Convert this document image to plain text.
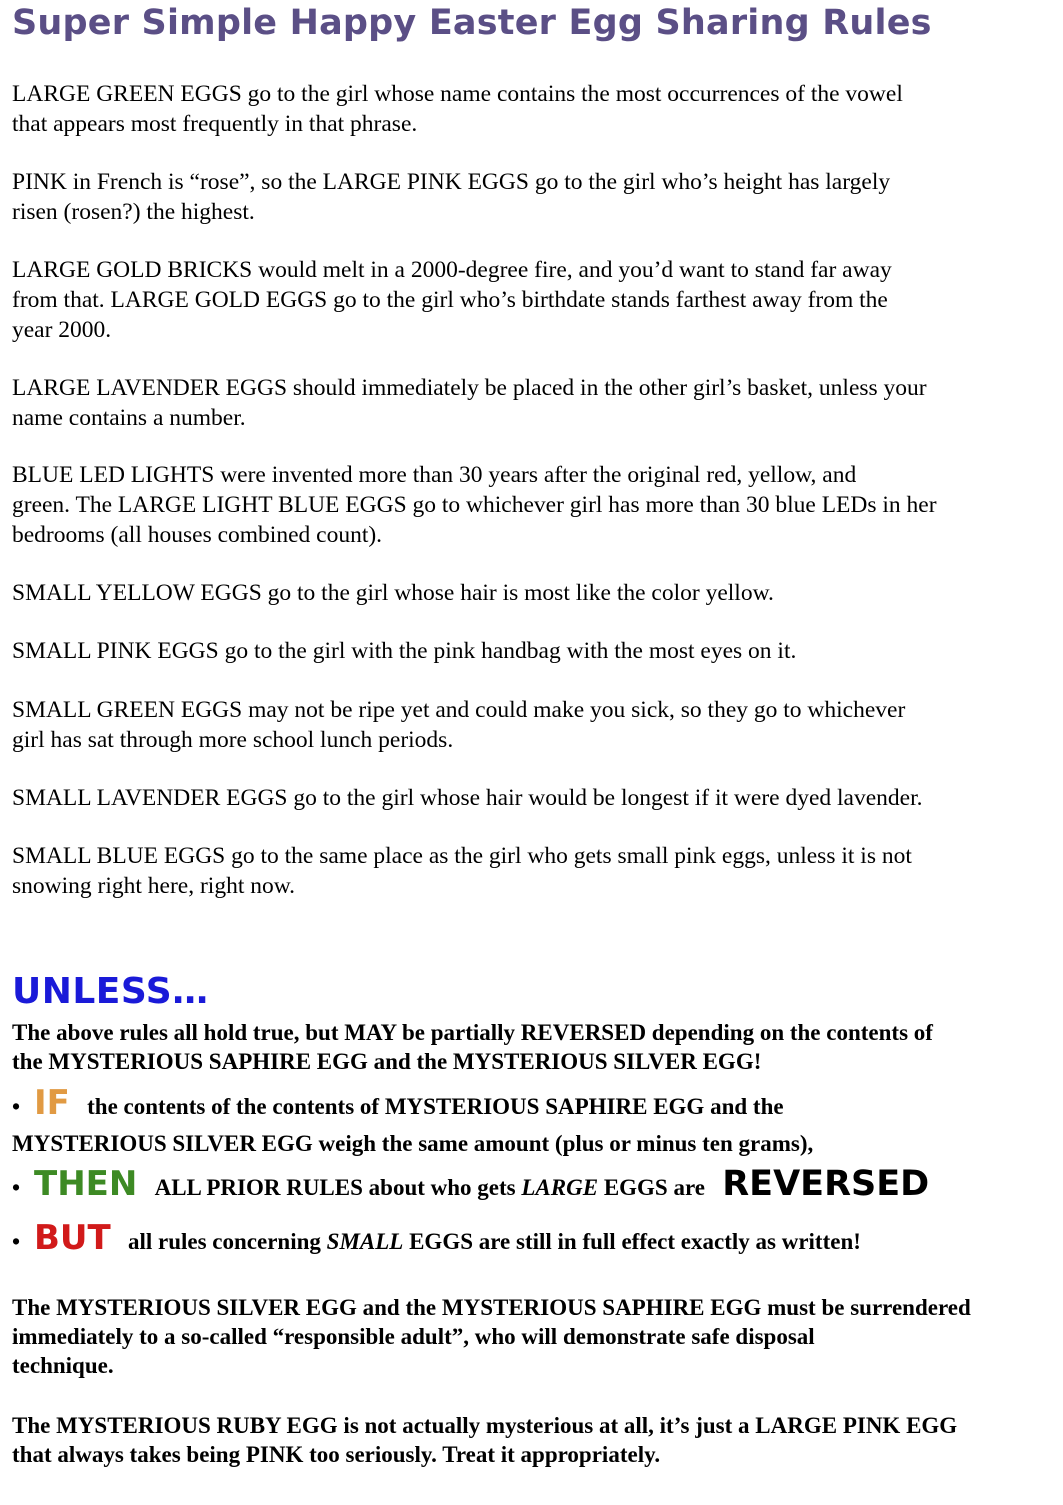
Super Simple Happy Easter Egg Sharing Rules

LARGE GREEN EGGS go to the girl whose name contains the most occurrences of the vowel
that appears most frequently in that phrase.

PINK in French is “rose”, so the LARGE PINK EGGS go to the girl who’s height has largely
risen (rosen?) the highest.

LARGE GOLD BRICKS would melt in a 2000-degree fire, and you’d want to stand far away
from that. LARGE GOLD EGGS go to the girl who’s birthdate stands farthest away from the
year 2000.

LARGE LAVENDER EGGS should immediately be placed in the other girl’s basket, unless your
name contains a number.

BLUE LED LIGHTS were invented more than 30 years after the original red, yellow, and
green. The LARGE LIGHT BLUE EGGS go to whichever girl has more than 30 blue LEDs in her
bedrooms (all houses combined count).

SMALL YELLOW EGGS go to the girl whose hair is most like the color yellow.

SMALL PINK EGGS go to the girl with the pink handbag with the most eyes on it.

SMALL GREEN EGGS may not be ripe yet and could make you sick, so they go to whichever
girl has sat through more school lunch periods.

SMALL LAVENDER EGGS go to the girl whose hair would be longest if it were dyed lavender.

SMALL BLUE EGGS go to the same place as the girl who gets small pink eggs, unless it is not
snowing right here, right now.

UNLESS…

The above rules all hold true, but MAY be partially REVERSED depending on the contents of
the MYSTERIOUS SAPHIRE EGG and the MYSTERIOUS SILVER EGG!

• IF the contents of the contents of MYSTERIOUS SAPHIRE EGG and the

MYSTERIOUS SILVER EGG weigh the same amount (plus or minus ten grams),

• THEN ALL PRIOR RULES about who gets LARGE EGGS are REVERSED
• BUT all rules concerning SMALL EGGS are still in full effect exactly as written!

The MYSTERIOUS SILVER EGG and the MYSTERIOUS SAPHIRE EGG must be surrendered
immediately to a so-called “responsible adult”, who will demonstrate safe disposal
technique.

The MYSTERIOUS RUBY EGG is not actually mysterious at all, it’s just a LARGE PINK EGG
that always takes being PINK too seriously. Treat it appropriately.
